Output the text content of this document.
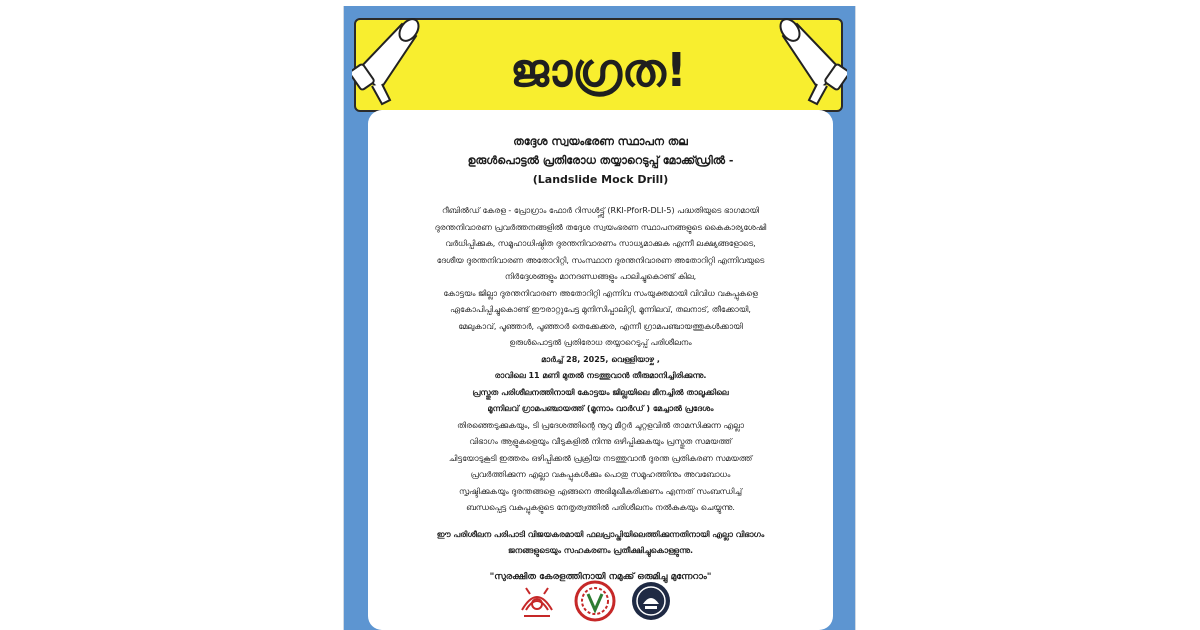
ജാഗ്രത!
തദ്ദേശ സ്വയംഭരണ സ്ഥാപന തല
ഉരുൾപൊട്ടൽ പ്രതിരോധ തയ്യാറെടുപ്പ് മോക്ക്ഡ്രിൽ -
(Landslide Mock Drill)
റീബിൽഡ് കേരള - പ്രോഗ്രാം ഫോർ റിസൾട്ട്സ് (RKI-PforR-DLI-5) പദ്ധതിയുടെ ഭാഗമായി
ദുരന്തനിവാരണ പ്രവർത്തനങ്ങളിൽ തദ്ദേശ സ്വയംഭരണ സ്ഥാപനങ്ങളുടെ കൈകാര്യശേഷി
വർധിപ്പിക്കുക, സമൂഹാധിഷ്ഠിത ദുരന്തനിവാരണം സാധ്യമാക്കുക എന്നീ ലക്ഷ്യങ്ങളോടെ,
ദേശീയ ദുരന്തനിവാരണ അതോറിറ്റി, സംസ്ഥാന ദുരന്തനിവാരണ അതോറിറ്റി എന്നിവയുടെ
നിർദ്ദേശങ്ങളും മാനദണ്ഡങ്ങളും പാലിച്ചുകൊണ്ട് കില,
കോട്ടയം ജില്ലാ ദുരന്തനിവാരണ അതോറിറ്റി എന്നിവ സംയുക്തമായി വിവിധ വകുപ്പുകളെ
ഏകോപിപ്പിച്ചുകൊണ്ട് ഈരാറ്റുപേട്ട മുനിസിപ്പാലിറ്റി, മൂന്നിലവ്, തലനാട്, തീക്കോയി,
മേലുകാവ്, പൂഞ്ഞാർ, പൂഞ്ഞാർ തെക്കേക്കര, എന്നീ ഗ്രാമപഞ്ചായത്തുകൾക്കായി
ഉരുൾപൊട്ടൽ പ്രതിരോധ തയ്യാറെടുപ്പ് പരിശീലനം
മാർച്ച് 28, 2025, വെള്ളിയാഴ്ച ,
രാവിലെ 11 മണി മുതൽ നടത്തുവാൻ തീരുമാനിച്ചിരിക്കുന്നു.
പ്രസ്തുത പരിശീലനത്തിനായി കോട്ടയം ജില്ലയിലെ മീനച്ചിൽ താലൂക്കിലെ
മൂന്നിലവ് ഗ്രാമപഞ്ചായത്ത് (മൂന്നാം വാർഡ് ) മേച്ചാൽ പ്രദേശം
തിരഞ്ഞെടുക്കുകയും, ടി പ്രദേശത്തിന്റെ നൂറു മീറ്റർ ചുറ്റളവിൽ താമസിക്കുന്ന എല്ലാ
വിഭാഗം ആളുകളെയും വീടുകളിൽ നിന്നു ഒഴിപ്പിക്കുകയും പ്രസ്തുത സമയത്ത്
ചിട്ടയോടുകൂടി ഇത്തരം ഒഴിപ്പിക്കൽ പ്രക്രിയ നടത്തുവാൻ ദുരന്ത പ്രതികരണ സമയത്ത്
പ്രവർത്തിക്കുന്ന എല്ലാ വകുപ്പുകൾക്കും പൊതു സമൂഹത്തിനും അവബോധം
സൃഷ്ടിക്കുകയും ദുരന്തങ്ങളെ എങ്ങനെ അഭിമുഖീകരിക്കണം എന്നത് സംബന്ധിച്ച്
ബന്ധപ്പെട്ട വകുപ്പുകളുടെ നേതൃത്വത്തിൽ പരിശീലനം നൽകുകയും ചെയ്യുന്നു.
ഈ പരിശീലന പരിപാടി വിജയകരമായി ഫലപ്രാപ്തിയിലെത്തിക്കുന്നതിനായി എല്ലാ വിഭാഗം
ജനങ്ങളുടെയും സഹകരണം പ്രതീക്ഷിച്ചുകൊള്ളുന്നു.
"സുരക്ഷിത കേരളത്തിനായി നമുക്ക് ഒരുമിച്ചു മുന്നേറാം"
